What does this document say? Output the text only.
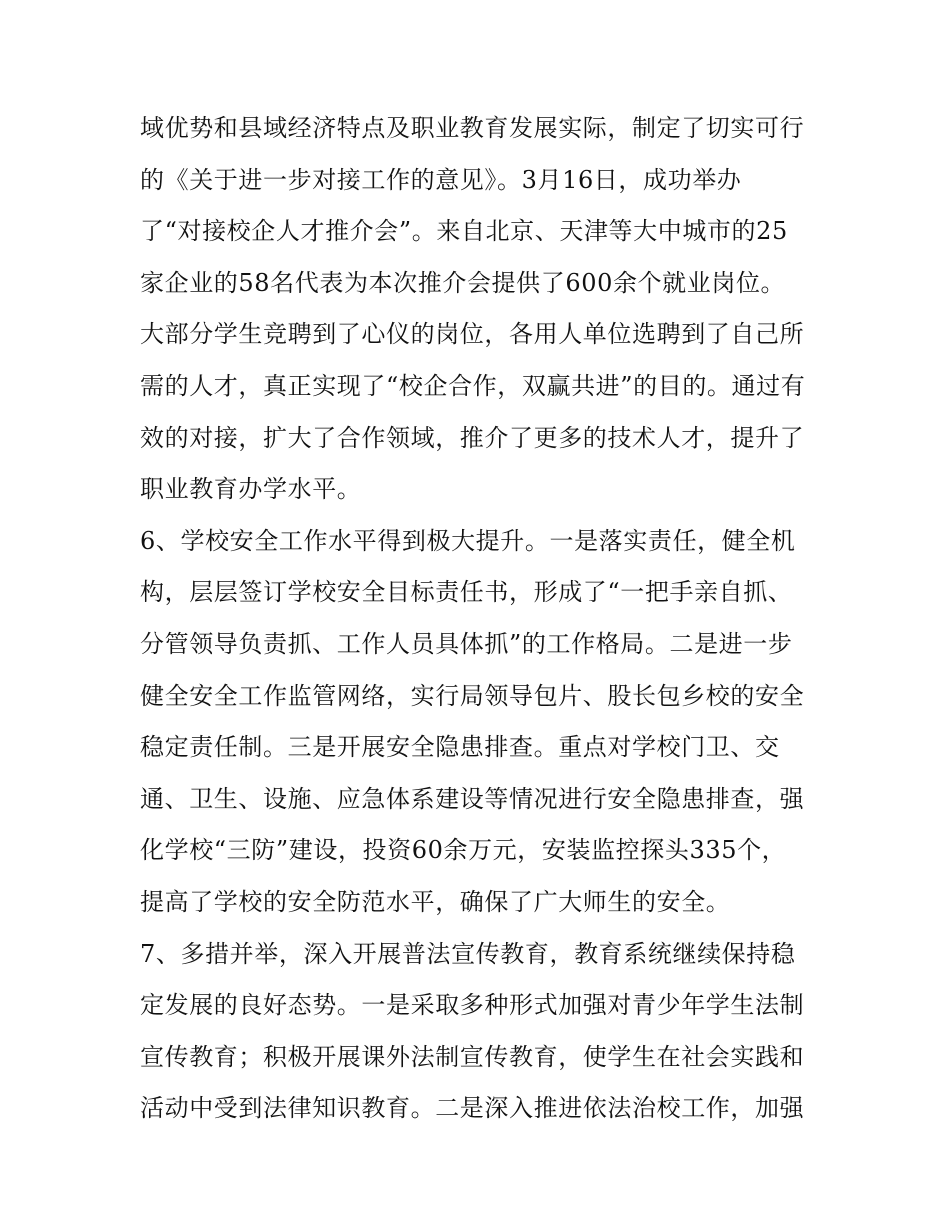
域优势和县域经济特点及职业教育发展实际，制定了切实可行
的《关于进一步对接工作的意见》。3月16日，成功举办
了“对接校企人才推介会”。来自北京、天津等大中城市的25
家企业的58名代表为本次推介会提供了600余个就业岗位。
大部分学生竞聘到了心仪的岗位，各用人单位选聘到了自己所
需的人才，真正实现了“校企合作，双赢共进”的目的。通过有
效的对接，扩大了合作领域，推介了更多的技术人才，提升了
职业教育办学水平。
6、学校安全工作水平得到极大提升。一是落实责任，健全机
构，层层签订学校安全目标责任书，形成了“一把手亲自抓、
分管领导负责抓、工作人员具体抓”的工作格局。二是进一步
健全安全工作监管网络，实行局领导包片、股长包乡校的安全
稳定责任制。三是开展安全隐患排查。重点对学校门卫、交
通、卫生、设施、应急体系建设等情况进行安全隐患排查，强
化学校“三防”建设，投资60余万元，安装监控探头335个，
提高了学校的安全防范水平，确保了广大师生的安全。
7、多措并举，深入开展普法宣传教育，教育系统继续保持稳
定发展的良好态势。一是采取多种形式加强对青少年学生法制
宣传教育；积极开展课外法制宣传教育，使学生在社会实践和
活动中受到法律知识教育。二是深入推进依法治校工作，加强
